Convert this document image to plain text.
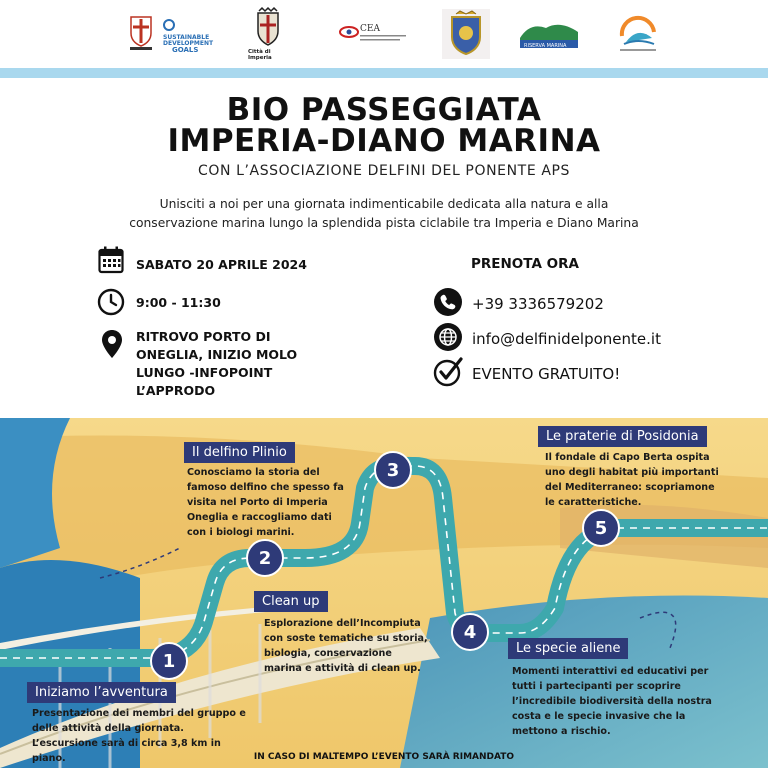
SUSTAINABLE
DEVELOPMENT
GOALS	Città di Imperia
CEA
RISERVA MARINA
BIO PASSEGGIATA
IMPERIA-DIANO MARINA
CON L’ASSOCIAZIONE DELFINI DEL PONENTE APS
Unisciti a noi per una giornata indimenticabile dedicata alla natura e alla
conservazione marina lungo la splendida pista ciclabile tra Imperia e Diano Marina
SABATO 20 APRILE 2024
9:00 - 11:30
RITROVO PORTO DI
ONEGLIA, INIZIO MOLO
LUNGO -INFOPOINT
L’APPRODO
PRENOTA ORA
+39 3336579202
info@delfinidelponente.it
EVENTO GRATUITO!
1
2
3
4
5
Iniziamo l’avventura
Presentazione dei membri del gruppo e
delle attività della giornata.
L’escursione sarà di circa 3,8 km in
piano.
Il delfino Plinio
Conosciamo la storia del
famoso delfino che spesso fa
visita nel Porto di Imperia
Oneglia e raccogliamo dati
con i biologi marini.
Clean up
Esplorazione dell’Incompiuta
con soste tematiche su storia,
biologia, conservazione
marina e attività di clean up.
Le specie aliene
Momenti interattivi ed educativi per
tutti i partecipanti per scoprire
l’incredibile biodiversità della nostra
costa e le specie invasive che la
mettono a rischio.
Le praterie di Posidonia
Il fondale di Capo Berta ospita
uno degli habitat più importanti
del Mediterraneo: scopriamone
le caratteristiche.
IN CASO DI MALTEMPO L’EVENTO SARÀ RIMANDATO
